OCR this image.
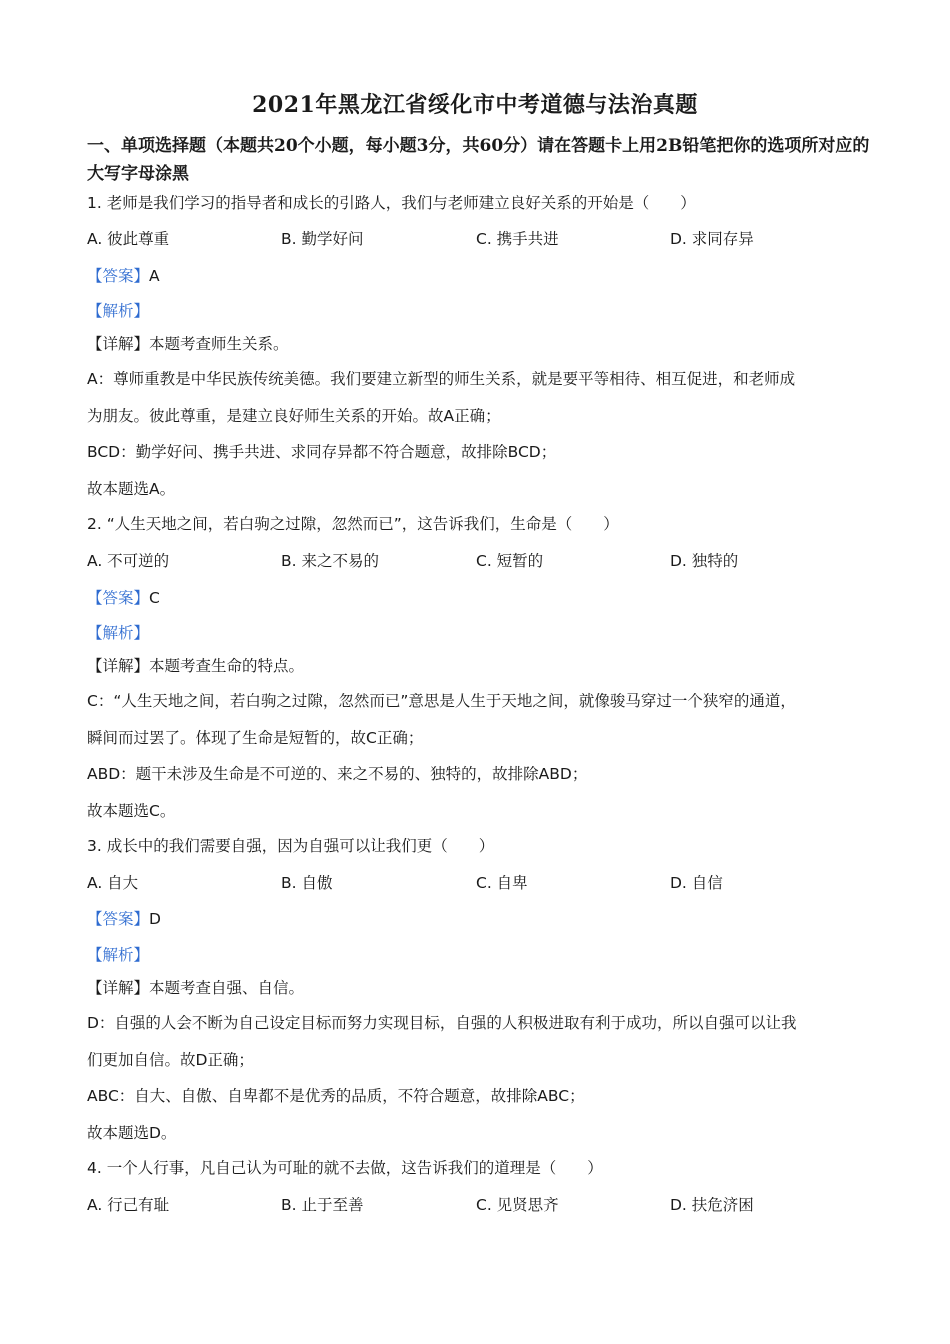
2021年黑龙江省绥化市中考道德与法治真题
一、单项选择题（本题共20个小题，每小题3分，共60分）请在答题卡上用2B铅笔把你的选项所对应的大写字母涂黑
1. 老师是我们学习的指导者和成长的引路人，我们与老师建立良好关系的开始是（　　）
A. 彼此尊重	B. 勤学好问	C. 携手共进	D. 求同存异
【答案】A
【解析】
【详解】本题考查师生关系。
A：尊师重教是中华民族传统美德。我们要建立新型的师生关系，就是要平等相待、相互促进，和老师成
为朋友。彼此尊重，是建立良好师生关系的开始。故A正确；
BCD：勤学好问、携手共进、求同存异都不符合题意，故排除BCD；
故本题选A。
2. “人生天地之间，若白驹之过隙，忽然而已”，这告诉我们，生命是（　　）
A. 不可逆的	B. 来之不易的	C. 短暂的	D. 独特的
【答案】C
【解析】
【详解】本题考查生命的特点。
C：“人生天地之间，若白驹之过隙，忽然而已”意思是人生于天地之间，就像骏马穿过一个狭窄的通道，
瞬间而过罢了。体现了生命是短暂的，故C正确；
ABD：题干未涉及生命是不可逆的、来之不易的、独特的，故排除ABD；
故本题选C。
3. 成长中的我们需要自强，因为自强可以让我们更（　　）
A. 自大	B. 自傲	C. 自卑	D. 自信
【答案】D
【解析】
【详解】本题考查自强、自信。
D：自强的人会不断为自己设定目标而努力实现目标，自强的人积极进取有利于成功，所以自强可以让我
们更加自信。故D正确；
ABC：自大、自傲、自卑都不是优秀的品质，不符合题意，故排除ABC；
故本题选D。
4. 一个人行事，凡自己认为可耻的就不去做，这告诉我们的道理是（　　）
A. 行己有耻	B. 止于至善	C. 见贤思齐	D. 扶危济困
